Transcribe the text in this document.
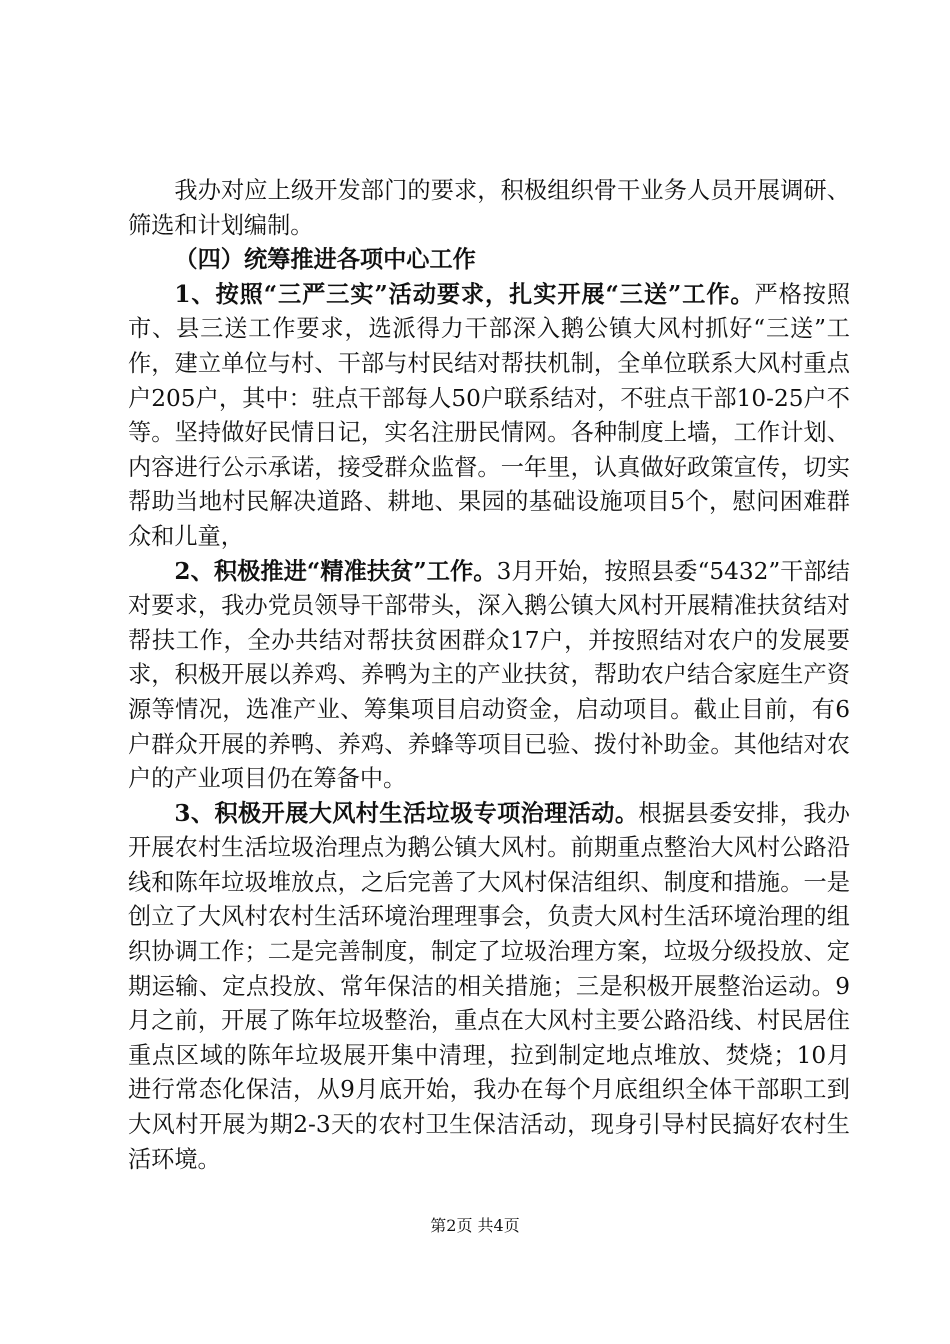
我办对应上级开发部门的要求，积极组织骨干业务人员开展调研、筛选和计划编制。

（四）统筹推进各项中心工作

1、按照“三严三实”活动要求，扎实开展“三送”工作。严格按照市、县三送工作要求，选派得力干部深入鹅公镇大风村抓好“三送”工作，建立单位与村、干部与村民结对帮扶机制，全单位联系大风村重点户205户，其中：驻点干部每人50户联系结对，不驻点干部10-25户不等。坚持做好民情日记，实名注册民情网。各种制度上墙，工作计划、内容进行公示承诺，接受群众监督。一年里，认真做好政策宣传，切实帮助当地村民解决道路、耕地、果园的基础设施项目5个，慰问困难群众和儿童，

2、积极推进“精准扶贫”工作。3月开始，按照县委“5432”干部结对要求，我办党员领导干部带头，深入鹅公镇大风村开展精准扶贫结对帮扶工作，全办共结对帮扶贫困群众17户，并按照结对农户的发展要求，积极开展以养鸡、养鸭为主的产业扶贫，帮助农户结合家庭生产资源等情况，选准产业、筹集项目启动资金，启动项目。截止目前，有6户群众开展的养鸭、养鸡、养蜂等项目已验、拨付补助金。其他结对农户的产业项目仍在筹备中。

3、积极开展大风村生活垃圾专项治理活动。根据县委安排，我办开展农村生活垃圾治理点为鹅公镇大风村。前期重点整治大风村公路沿线和陈年垃圾堆放点，之后完善了大风村保洁组织、制度和措施。一是创立了大风村农村生活环境治理理事会，负责大风村生活环境治理的组织协调工作；二是完善制度，制定了垃圾治理方案，垃圾分级投放、定期运输、定点投放、常年保洁的相关措施；三是积极开展整治运动。9月之前，开展了陈年垃圾整治，重点在大风村主要公路沿线、村民居住重点区域的陈年垃圾展开集中清理，拉到制定地点堆放、焚烧；10月进行常态化保洁，从9月底开始，我办在每个月底组织全体干部职工到大风村开展为期2-3天的农村卫生保洁活动，现身引导村民搞好农村生活环境。

第2页 共4页
